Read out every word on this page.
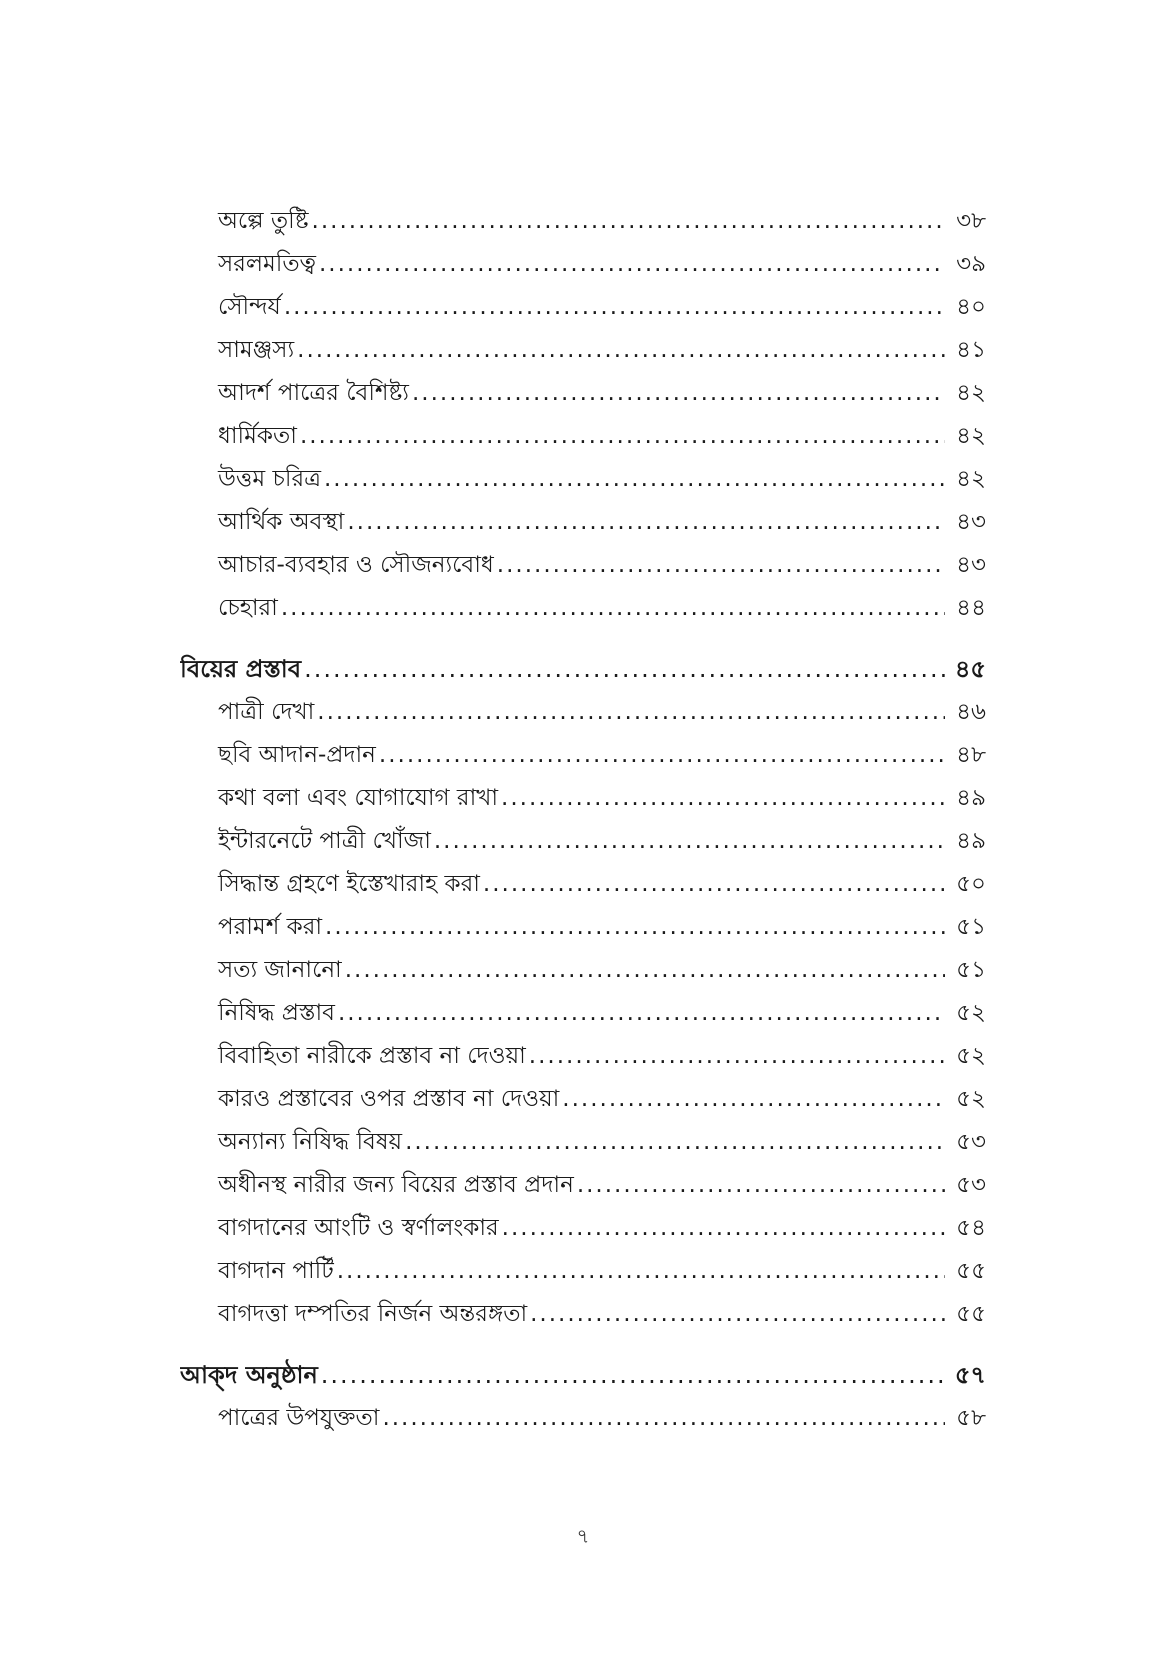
অল্পে তুষ্টি .....	৩৮
সরলমতিত্ব .....	৩৯
সৌন্দর্য .....	৪০
সামঞ্জস্য .....	৪১
আদর্শ পাত্রের বৈশিষ্ট্য .....	৪২
ধার্মিকতা .....	৪২
উত্তম চরিত্র .....	৪২
আর্থিক অবস্থা .....	৪৩
আচার-ব্যবহার ও সৌজন্যবোধ .....	৪৩
চেহারা .....	৪৪
বিয়ের প্রস্তাব .....	৪৫
পাত্রী দেখা .....	৪৬
ছবি আদান-প্রদান .....	৪৮
কথা বলা এবং যোগাযোগ রাখা .....	৪৯
ইন্টারনেটে পাত্রী খোঁজা .....	৪৯
সিদ্ধান্ত গ্রহণে ইস্তেখারাহ করা .....	৫০
পরামর্শ করা .....	৫১
সত্য জানানো .....	৫১
নিষিদ্ধ প্রস্তাব .....	৫২
বিবাহিতা নারীকে প্রস্তাব না দেওয়া .....	৫২
কারও প্রস্তাবের ওপর প্রস্তাব না দেওয়া .....	৫২
অন্যান্য নিষিদ্ধ বিষয় .....	৫৩
অধীনস্থ নারীর জন্য বিয়ের প্রস্তাব প্রদান .....	৫৩
বাগদানের আংটি ও স্বর্ণালংকার .....	৫৪
বাগদান পার্টি .....	৫৫
বাগদত্তা দম্পতির নির্জন অন্তরঙ্গতা .....	৫৫
আক্দ অনুষ্ঠান .....	৫৭
পাত্রের উপযুক্ততা .....	৫৮
৭
